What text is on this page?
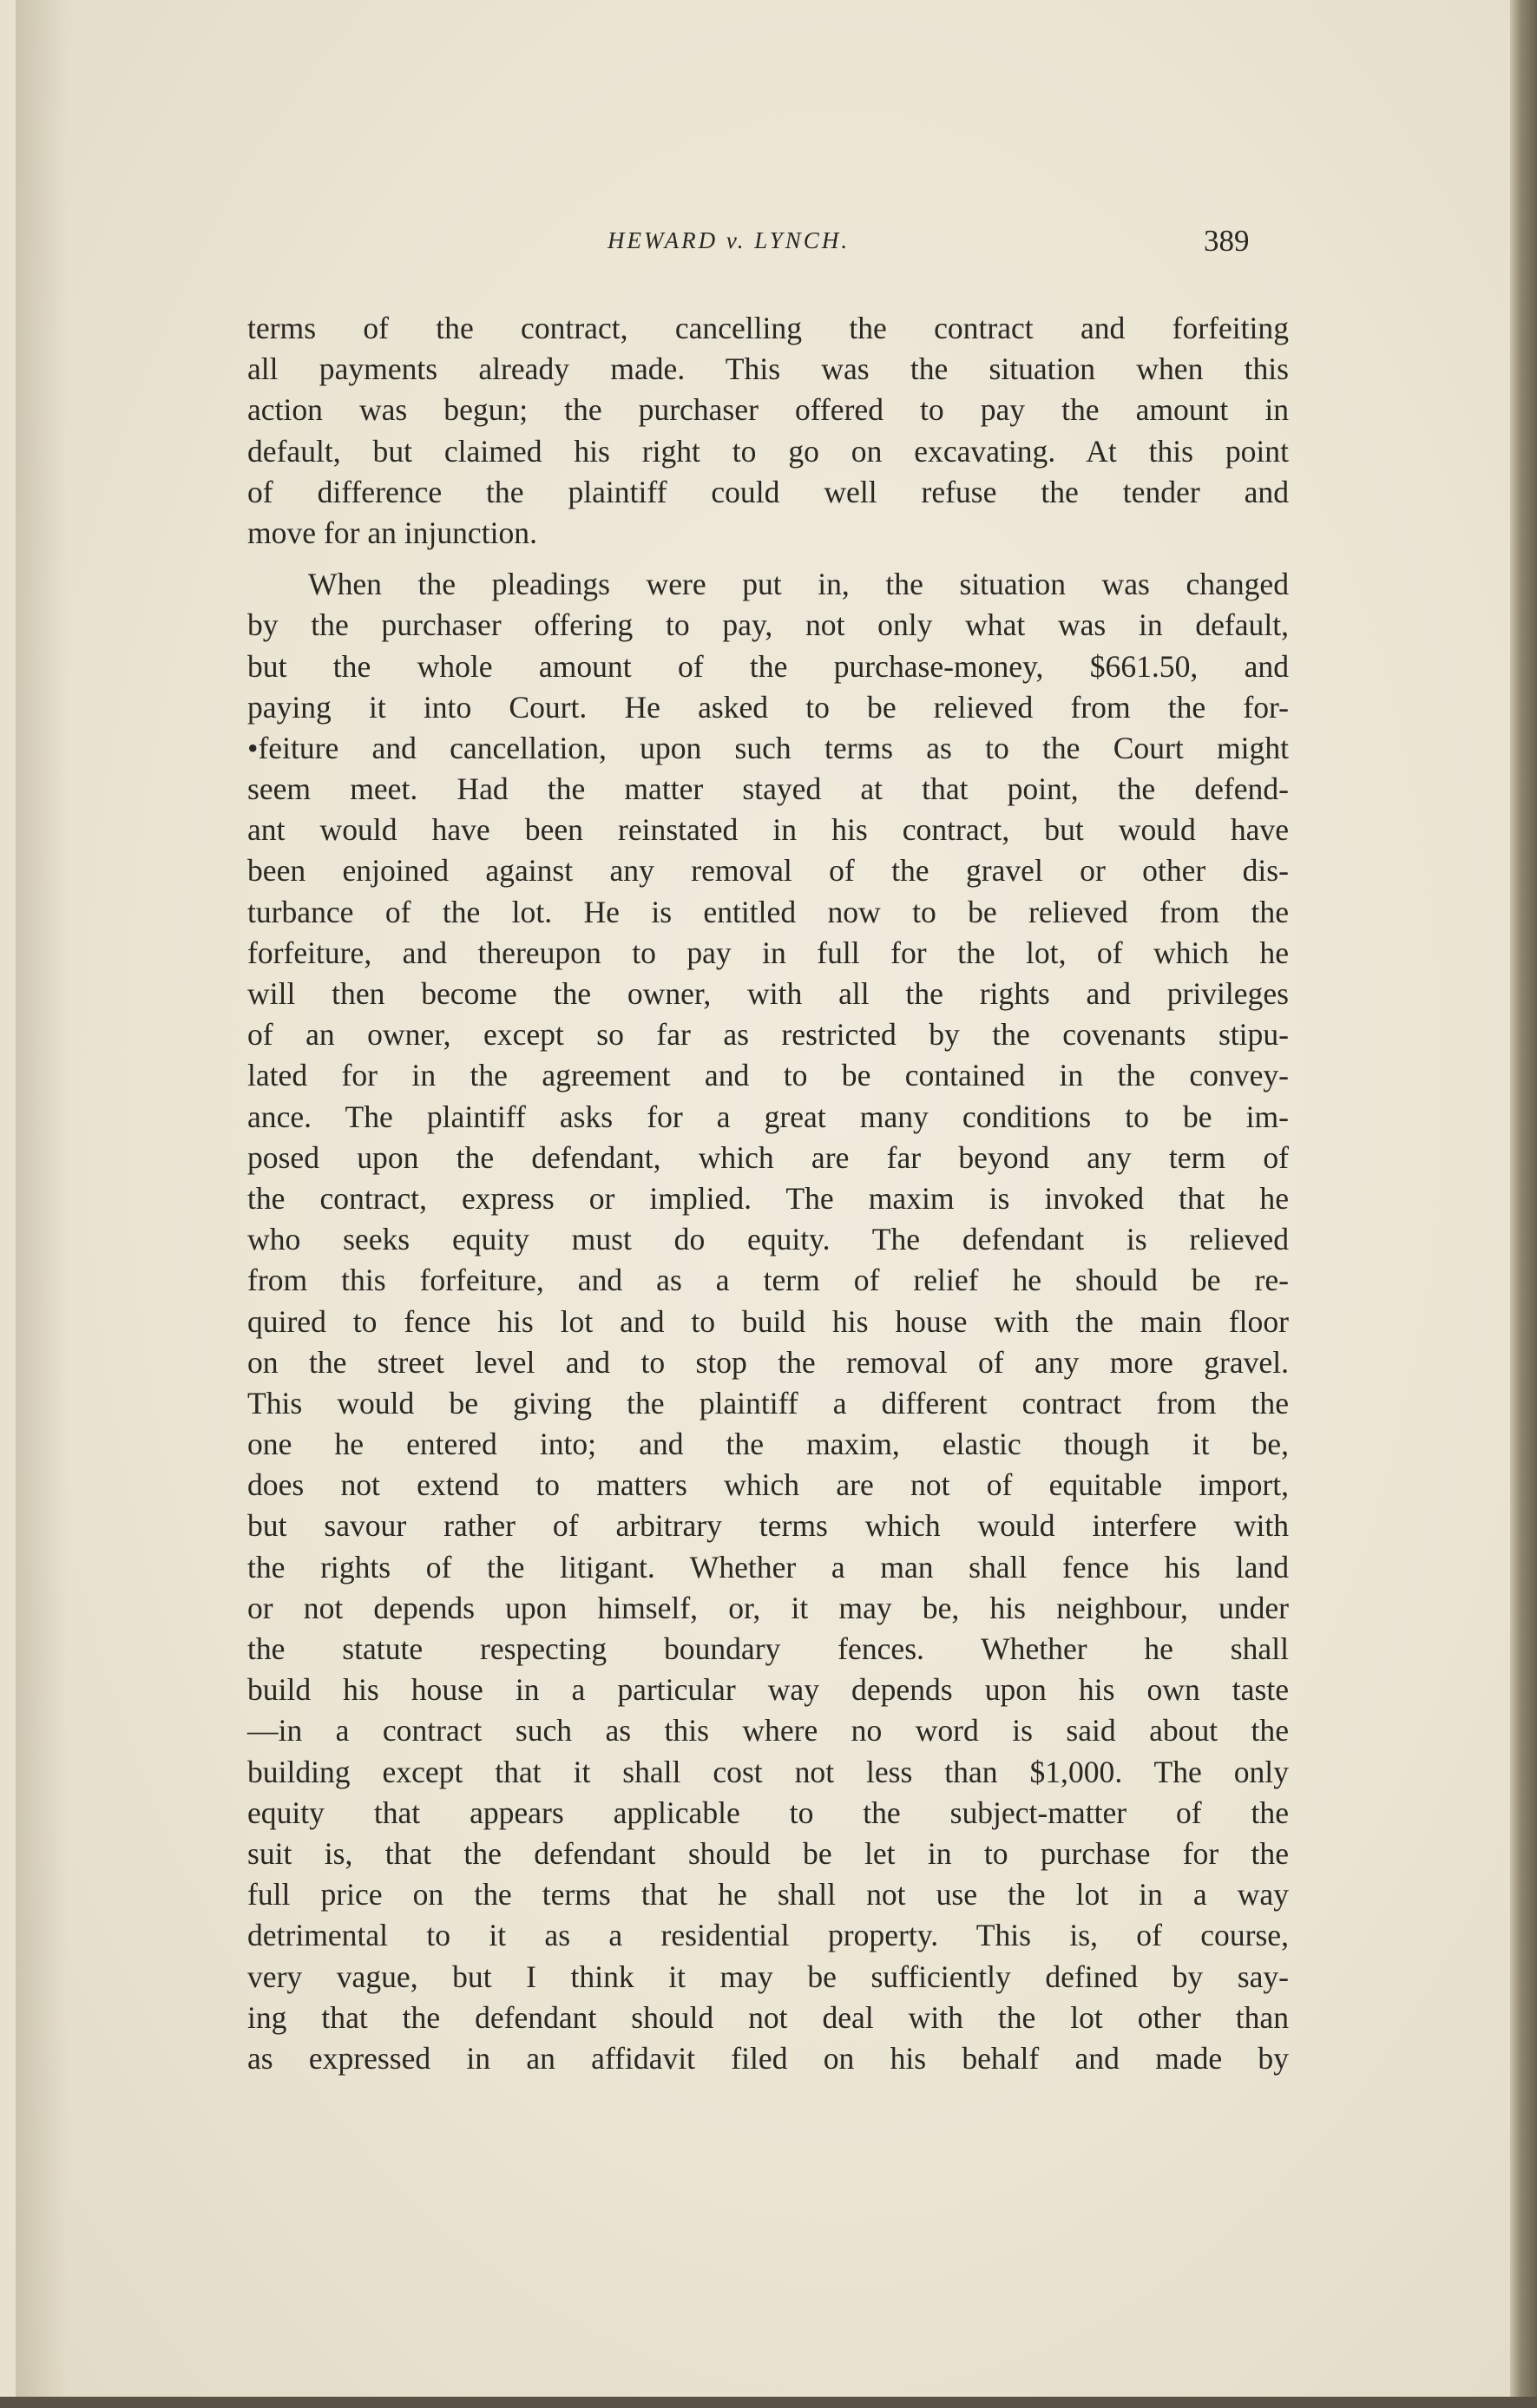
HEWARD v. LYNCH.	389
terms of the contract, cancelling the contract and forfeiting
all payments already made. This was the situation when this
action was begun; the purchaser offered to pay the amount in
default, but claimed his right to go on excavating. At this point
of difference the plaintiff could well refuse the tender and
move for an injunction.
When the pleadings were put in, the situation was changed
by the purchaser offering to pay, not only what was in default,
but the whole amount of the purchase-money, $661.50, and
paying it into Court. He asked to be relieved from the for-
•feiture and cancellation, upon such terms as to the Court might
seem meet. Had the matter stayed at that point, the defend-
ant would have been reinstated in his contract, but would have
been enjoined against any removal of the gravel or other dis-
turbance of the lot. He is entitled now to be relieved from the
forfeiture, and thereupon to pay in full for the lot, of which he
will then become the owner, with all the rights and privileges
of an owner, except so far as restricted by the covenants stipu-
lated for in the agreement and to be contained in the convey-
ance. The plaintiff asks for a great many conditions to be im-
posed upon the defendant, which are far beyond any term of
the contract, express or implied. The maxim is invoked that he
who seeks equity must do equity. The defendant is relieved
from this forfeiture, and as a term of relief he should be re-
quired to fence his lot and to build his house with the main floor
on the street level and to stop the removal of any more gravel.
This would be giving the plaintiff a different contract from the
one he entered into; and the maxim, elastic though it be,
does not extend to matters which are not of equitable import,
but savour rather of arbitrary terms which would interfere with
the rights of the litigant. Whether a man shall fence his land
or not depends upon himself, or, it may be, his neighbour, under
the statute respecting boundary fences. Whether he shall
build his house in a particular way depends upon his own taste
—in a contract such as this where no word is said about the
building except that it shall cost not less than $1,000. The only
equity that appears applicable to the subject-matter of the
suit is, that the defendant should be let in to purchase for the
full price on the terms that he shall not use the lot in a way
detrimental to it as a residential property. This is, of course,
very vague, but I think it may be sufficiently defined by say-
ing that the defendant should not deal with the lot other than
as expressed in an affidavit filed on his behalf and made by
